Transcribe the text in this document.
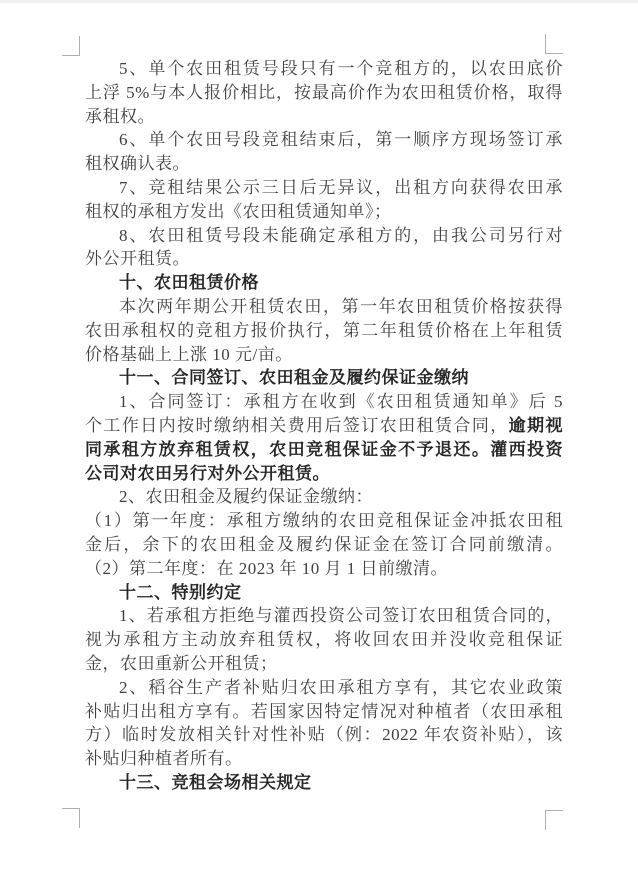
5、单个农田租赁号段只有一个竞租方的，以农田底价
上浮 5%与本人报价相比，按最高价作为农田租赁价格，取得
承租权。
6、单个农田号段竞租结束后，第一顺序方现场签订承
租权确认表。
7、竞租结果公示三日后无异议，出租方向获得农田承
租权的承租方发出《农田租赁通知单》；
8、农田租赁号段未能确定承租方的，由我公司另行对
外公开租赁。
十、农田租赁价格
本次两年期公开租赁农田，第一年农田租赁价格按获得
农田承租权的竞租方报价执行，第二年租赁价格在上年租赁
价格基础上上涨 10 元/亩。
十一、合同签订、农田租金及履约保证金缴纳
1、合同签订：承租方在收到《农田租赁通知单》后 5
个工作日内按时缴纳相关费用后签订农田租赁合同，逾期视
同承租方放弃租赁权，农田竞租保证金不予退还。灌西投资
公司对农田另行对外公开租赁。
2、农田租金及履约保证金缴纳：
（1）第一年度：承租方缴纳的农田竞租保证金冲抵农田租
金后，余下的农田租金及履约保证金在签订合同前缴清。
（2）第二年度：在 2023 年 10 月 1 日前缴清。
十二、特别约定
1、若承租方拒绝与灌西投资公司签订农田租赁合同的，
视为承租方主动放弃租赁权，将收回农田并没收竞租保证
金，农田重新公开租赁；
2、稻谷生产者补贴归农田承租方享有，其它农业政策
补贴归出租方享有。若国家因特定情况对种植者（农田承租
方）临时发放相关针对性补贴（例：2022 年农资补贴），该
补贴归种植者所有。
十三、竞租会场相关规定
